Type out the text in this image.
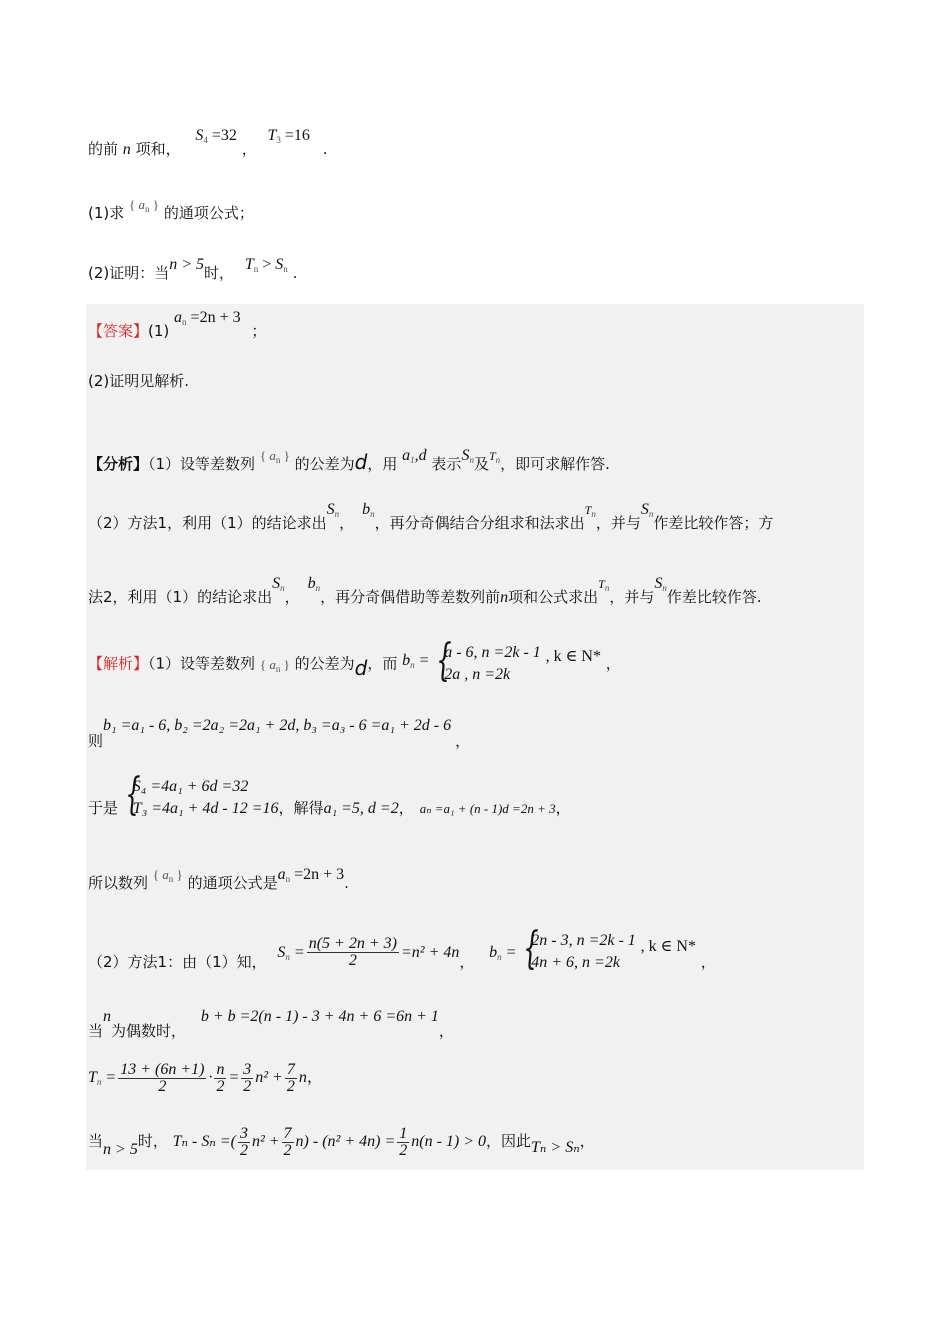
的前 n 项和， $S_4 =32$ ， $T_3 =16$ .
(1)求 { $a_n$ } 的通项公式；
(2)证明：当n > 5时， $T_n > S_n$ .
【答案】(1) $a_n =2n + 3$ ；
(2)证明见解析.
【分析】（1）设等差数列 { $a_n$ } 的公差为d，用 $a_1,d$ 表示$S_n$及$^{T_n}$，即可求解作答.
（2）方法1，利用（1）的结论求出$S_n$，$b_n$，再分奇偶结合分组求和法求出$^{T_n}$，并与$S_n$作差比较作答；方
法2，利用（1）的结论求出$S_n$，$b_n$，再分奇偶借助等差数列前n项和公式求出$^{T_n}$，并与$S_n$作差比较作答.
【解析】（1）设等差数列 { $a_n$ } 的公差为d，而 $b_n$ = { a - 6, n =2k - 1
2a , n =2k
, k ∈ N* ，
则b₁ =a₁ - 6, b₂ =2a₂ =2a₁ + 2d, b₃ =a₃ - 6 =a₁ + 2d - 6，
于是
{ S₄ =4a₁ + 6d =32
T₃ =4a₁ + 4d - 12 =16 ，解得a₁ =5, d =2， aₙ =a₁ + (n - 1)d =2n + 3，
所以数列 { $a_n$ } 的通项公式是$a_n =2n + 3$.
（2）方法1：由（1）知， $S_n = \frac{n(5 + 2n + 3)}{2} =n^2 + 4n$， $b_n$ =
{ 2n - 3, n =2k - 1
4n + 6, n =2k
, k ∈ N* ，
当n为偶数时， b + b =2(n - 1) - 3 + 4n + 6 =6n + 1，
$T_n = \frac{13 + (6n +1)}{2} \cdot \frac{n}{2} = \frac{3}{2} n^2 + \frac{7}{2}$ n，
当n > 5时， Tₙ - Sₙ =( $\frac{3}{2} n^2 + \frac{7}{2} n) - (n^2 + 4n) = \frac{1}{2} n(n - 1) > 0$，因此Tₙ > Sₙ，
